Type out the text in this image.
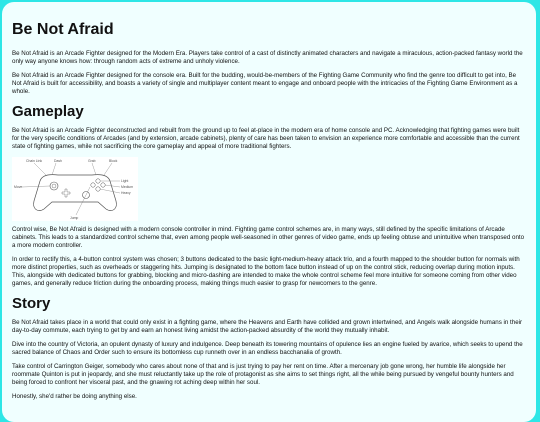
Be Not Afraid

Be Not Afraid is an Arcade Fighter designed for the Modern Era. Players take control of a cast of distinctly animated characters and navigate a miraculous, action-packed fantasy world the only way anyone knows how: through random acts of extreme and unholy violence.

Be Not Afraid is an Arcade Fighter designed for the console era. Built for the budding, would-be-members of the Fighting Game Community who find the genre too difficult to get into, Be Not Afraid is built for accessibility, and boasts a variety of single and multiplayer content meant to engage and onboard people with the intricacies of the Fighting Game Environment as a whole.

Gameplay

Be Not Afraid is an Arcade Fighter deconstructed and rebuilt from the ground up to feel at-place in the modern era of home console and PC. Acknowledging that fighting games were built for the very specific conditions of Arcades (and by extension, arcade cabinets), plenty of care has been taken to envision an experience more comfortable and accessible than the current state of fighting games, while not sacrificing the core gameplay and appeal of more traditional fighters.

Chain Link	Dash	Grab	Block
Move
Jump
Light
Medium
Heavy

Control wise, Be Not Afraid is designed with a modern console controller in mind. Fighting game control schemes are, in many ways, still defined by the specific limitations of Arcade cabinets. This leads to a standardized control scheme that, even among people well-seasoned in other genres of video game, ends up feeling obtuse and unintuitive when transposed onto a more modern controller.

In order to rectify this, a 4-button control system was chosen; 3 buttons dedicated to the basic light-medium-heavy attack trio, and a fourth mapped to the shoulder button for normals with more distinct properties, such as overheads or staggering hits. Jumping is designated to the bottom face button instead of up on the control stick, reducing overlap during motion inputs. This, alongside with dedicated buttons for grabbing, blocking and micro-dashing are intended to make the whole control scheme feel more intuitive for someone coming from other video games, and generally reduce friction during the onboarding process, making things much easier to grasp for newcomers to the genre.

Story

Be Not Afraid takes place in a world that could only exist in a fighting game, where the Heavens and Earth have collided and grown intertwined, and Angels walk alongside humans in their day-to-day commute, each trying to get by and earn an honest living amidst the action-packed absurdity of the world they mutually inhabit.

Dive into the country of Victoria, an opulent dynasty of luxury and indulgence. Deep beneath its towering mountains of opulence lies an engine fueled by avarice, which seeks to upend the sacred balance of Chaos and Order such to ensure its bottomless cup runneth over in an endless bacchanalia of growth.

Take control of Carrington Geiger, somebody who cares about none of that and is just trying to pay her rent on time. After a mercenary job gone wrong, her humble life alongside her roommate Quinton is put in jeopardy, and she must reluctantly take up the role of protagonist as she aims to set things right, all the while being pursued by vengeful bounty hunters and being forced to confront her visceral past, and the gnawing rot aching deep within her soul.

Honestly, she'd rather be doing anything else.
